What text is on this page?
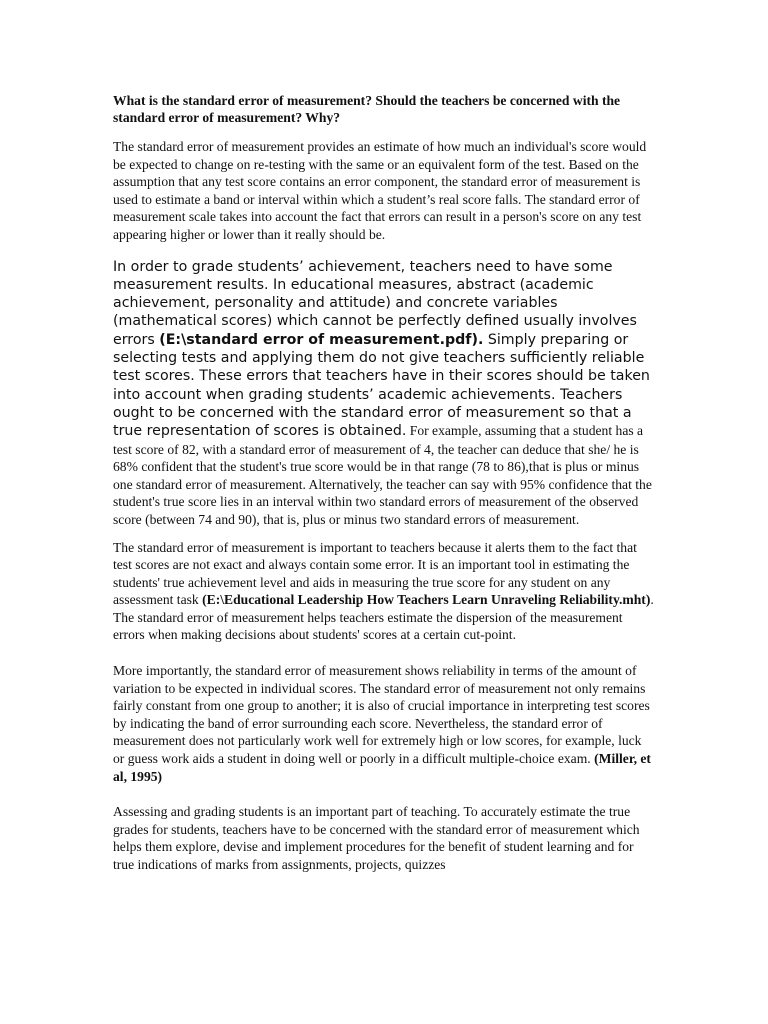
What is the standard error of measurement? Should the teachers be concerned with the standard error of measurement? Why?

The standard error of measurement provides an estimate of how much an individual's score would be expected to change on re-testing with the same or an equivalent form of the test. Based on the assumption that any test score contains an error component, the standard error of measurement is used to estimate a band or interval within which a student’s real score falls. The standard error of measurement scale takes into account the fact that errors can result in a person's score on any test appearing higher or lower than it really should be.

In order to grade students’ achievement, teachers need to have some measurement results. In educational measures, abstract (academic achievement, personality and attitude) and concrete variables (mathematical scores) which cannot be perfectly defined usually involves errors (E:\standard error of measurement.pdf). Simply preparing or selecting tests and applying them do not give teachers sufficiently reliable test scores. These errors that teachers have in their scores should be taken into account when grading students’ academic achievements. Teachers ought to be concerned with the standard error of measurement so that a true representation of scores is obtained. For example, assuming that a student has a test score of 82, with a standard error of measurement of 4, the teacher can deduce that she/ he is 68% confident that the student's true score would be in that range (78 to 86),that is plus or minus one standard error of measurement. Alternatively, the teacher can say with 95% confidence that the student's true score lies in an interval within two standard errors of measurement of the observed score (between 74 and 90), that is, plus or minus two standard errors of measurement.

The standard error of measurement is important to teachers because it alerts them to the fact that test scores are not exact and always contain some error. It is an important tool in estimating the students' true achievement level and aids in measuring the true score for any student on any assessment task (E:\Educational Leadership How Teachers Learn Unraveling Reliability.mht). The standard error of measurement helps teachers estimate the dispersion of the measurement errors when making decisions about students' scores at a certain cut-point.

More importantly, the standard error of measurement shows reliability in terms of the amount of variation to be expected in individual scores. The standard error of measurement not only remains fairly constant from one group to another; it is also of crucial importance in interpreting test scores by indicating the band of error surrounding each score. Nevertheless, the standard error of measurement does not particularly work well for extremely high or low scores, for example, luck or guess work aids a student in doing well or poorly in a difficult multiple-choice exam. (Miller, et al, 1995)

Assessing and grading students is an important part of teaching. To accurately estimate the true grades for students, teachers have to be concerned with the standard error of measurement which helps them explore, devise and implement procedures for the benefit of student learning and for true indications of marks from assignments, projects, quizzes
